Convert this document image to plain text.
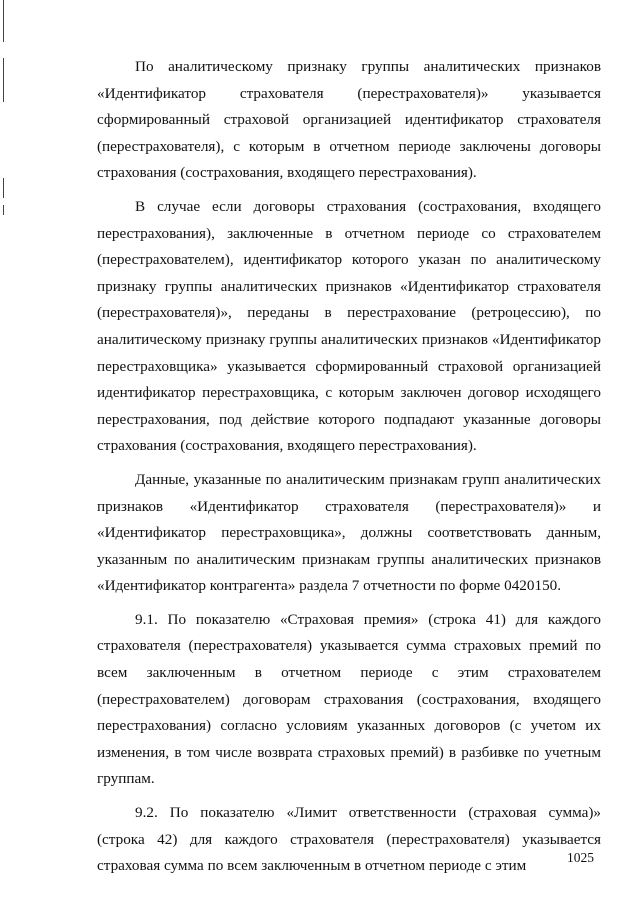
По аналитическому признаку группы аналитических признаков «Идентификатор страхователя (перестрахователя)» указывается сформированный страховой организацией идентификатор страхователя (перестрахователя), с которым в отчетном периоде заключены договоры страхования (сострахования, входящего перестрахования).

В случае если договоры страхования (сострахования, входящего перестрахования), заключенные в отчетном периоде со страхователем (перестрахователем), идентификатор которого указан по аналитическому признаку группы аналитических признаков «Идентификатор страхователя (перестрахователя)», переданы в перестрахование (ретроцессию), по аналитическому признаку группы аналитических признаков «Идентификатор перестраховщика» указывается сформированный страховой организацией идентификатор перестраховщика, с которым заключен договор исходящего перестрахования, под действие которого подпадают указанные договоры страхования (сострахования, входящего перестрахования).

Данные, указанные по аналитическим признакам групп аналитических признаков «Идентификатор страхователя (перестрахователя)» и «Идентификатор перестраховщика», должны соответствовать данным, указанным по аналитическим признакам группы аналитических признаков «Идентификатор контрагента» раздела 7 отчетности по форме 0420150.

9.1. По показателю «Страховая премия» (строка 41) для каждого страхователя (перестрахователя) указывается сумма страховых премий по всем заключенным в отчетном периоде с этим страхователем (перестрахователем) договорам страхования (сострахования, входящего перестрахования) согласно условиям указанных договоров (с учетом их изменения, в том числе возврата страховых премий) в разбивке по учетным группам.

9.2. По показателю «Лимит ответственности (страховая сумма)» (строка 42) для каждого страхователя (перестрахователя) указывается страховая сумма по всем заключенным в отчетном периоде с этим	1025
